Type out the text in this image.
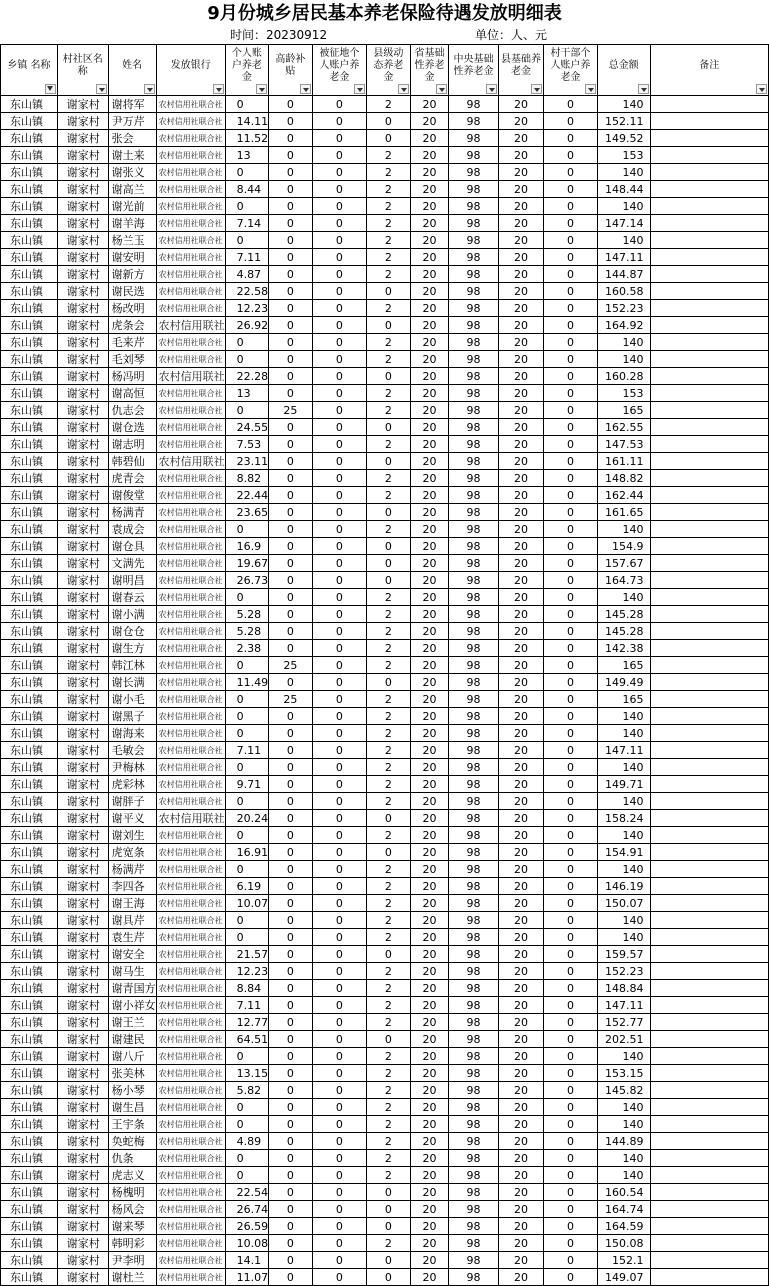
9月份城乡居民基本养老保险待遇发放明细表
时间：20230912	单位：人、元
乡镇 名称	村社区名称	姓名	发放银行	个人账户养老金	高龄补贴	被征地个人账户养老金	县级动态养老金	省基础性养老金	中央基础性养老金	县基础养老金	村干部个人账户养老金	总金额	备注

东山镇	谢家村	谢将军	农村信用社联合社	0	0	0	2	20	98	20	0	140	
东山镇	谢家村	尹万芹	农村信用社联合社	14.11	0	0	0	20	98	20	0	152.11	
东山镇	谢家村	张会	农村信用社联合社	11.52	0	0	0	20	98	20	0	149.52	
东山镇	谢家村	谢土来	农村信用社联合社	13	0	0	2	20	98	20	0	153	
东山镇	谢家村	谢张义	农村信用社联合社	0	0	0	2	20	98	20	0	140	
东山镇	谢家村	谢高兰	农村信用社联合社	8.44	0	0	2	20	98	20	0	148.44	
东山镇	谢家村	谢光前	农村信用社联合社	0	0	0	2	20	98	20	0	140	
东山镇	谢家村	谢羊海	农村信用社联合社	7.14	0	0	2	20	98	20	0	147.14	
东山镇	谢家村	杨兰玉	农村信用社联合社	0	0	0	2	20	98	20	0	140	
东山镇	谢家村	谢安明	农村信用社联合社	7.11	0	0	2	20	98	20	0	147.11	
东山镇	谢家村	谢新方	农村信用社联合社	4.87	0	0	2	20	98	20	0	144.87	
东山镇	谢家村	谢民选	农村信用社联合社	22.58	0	0	0	20	98	20	0	160.58	
东山镇	谢家村	杨改明	农村信用社联合社	12.23	0	0	2	20	98	20	0	152.23	
东山镇	谢家村	虎条会	农村信用联社	26.92	0	0	0	20	98	20	0	164.92	
东山镇	谢家村	毛来芹	农村信用社联合社	0	0	0	2	20	98	20	0	140	
东山镇	谢家村	毛刘琴	农村信用社联合社	0	0	0	2	20	98	20	0	140	
东山镇	谢家村	杨冯明	农村信用联社	22.28	0	0	0	20	98	20	0	160.28	
东山镇	谢家村	谢高恒	农村信用社联合社	13	0	0	2	20	98	20	0	153	
东山镇	谢家村	仇志会	农村信用社联合社	0	25	0	2	20	98	20	0	165	
东山镇	谢家村	谢仓选	农村信用社联合社	24.55	0	0	0	20	98	20	0	162.55	
东山镇	谢家村	谢志明	农村信用社联合社	7.53	0	0	2	20	98	20	0	147.53	
东山镇	谢家村	韩碧仙	农村信用联社	23.11	0	0	0	20	98	20	0	161.11	
东山镇	谢家村	虎青会	农村信用社联合社	8.82	0	0	2	20	98	20	0	148.82	
东山镇	谢家村	谢俊堂	农村信用社联合社	22.44	0	0	2	20	98	20	0	162.44	
东山镇	谢家村	杨满青	农村信用社联合社	23.65	0	0	0	20	98	20	0	161.65	
东山镇	谢家村	袁成会	农村信用社联合社	0	0	0	2	20	98	20	0	140	
东山镇	谢家村	谢仓具	农村信用社联合社	16.9	0	0	0	20	98	20	0	154.9	
东山镇	谢家村	文满先	农村信用社联合社	19.67	0	0	0	20	98	20	0	157.67	
东山镇	谢家村	谢明昌	农村信用社联合社	26.73	0	0	0	20	98	20	0	164.73	
东山镇	谢家村	谢春云	农村信用社联合社	0	0	0	2	20	98	20	0	140	
东山镇	谢家村	谢小满	农村信用社联合社	5.28	0	0	2	20	98	20	0	145.28	
东山镇	谢家村	谢仓仓	农村信用社联合社	5.28	0	0	2	20	98	20	0	145.28	
东山镇	谢家村	谢生方	农村信用社联合社	2.38	0	0	2	20	98	20	0	142.38	
东山镇	谢家村	韩江林	农村信用社联合社	0	25	0	2	20	98	20	0	165	
东山镇	谢家村	谢长满	农村信用社联合社	11.49	0	0	0	20	98	20	0	149.49	
东山镇	谢家村	谢小毛	农村信用社联合社	0	25	0	2	20	98	20	0	165	
东山镇	谢家村	谢黑子	农村信用社联合社	0	0	0	2	20	98	20	0	140	
东山镇	谢家村	谢海来	农村信用社联合社	0	0	0	2	20	98	20	0	140	
东山镇	谢家村	毛敏会	农村信用社联合社	7.11	0	0	2	20	98	20	0	147.11	
东山镇	谢家村	尹梅林	农村信用社联合社	0	0	0	2	20	98	20	0	140	
东山镇	谢家村	虎彩林	农村信用社联合社	9.71	0	0	2	20	98	20	0	149.71	
东山镇	谢家村	谢胖子	农村信用社联合社	0	0	0	2	20	98	20	0	140	
东山镇	谢家村	谢平义	农村信用联社	20.24	0	0	0	20	98	20	0	158.24	
东山镇	谢家村	谢刘生	农村信用社联合社	0	0	0	2	20	98	20	0	140	
东山镇	谢家村	虎宽条	农村信用社联合社	16.91	0	0	0	20	98	20	0	154.91	
东山镇	谢家村	杨满芹	农村信用社联合社	0	0	0	2	20	98	20	0	140	
东山镇	谢家村	李四各	农村信用社联合社	6.19	0	0	2	20	98	20	0	146.19	
东山镇	谢家村	谢王海	农村信用社联合社	10.07	0	0	2	20	98	20	0	150.07	
东山镇	谢家村	谢具芹	农村信用社联合社	0	0	0	2	20	98	20	0	140	
东山镇	谢家村	袁生芹	农村信用社联合社	0	0	0	2	20	98	20	0	140	
东山镇	谢家村	谢安全	农村信用社联合社	21.57	0	0	0	20	98	20	0	159.57	
东山镇	谢家村	谢马生	农村信用社联合社	12.23	0	0	2	20	98	20	0	152.23	
东山镇	谢家村	谢青国方	农村信用社联合社	8.84	0	0	2	20	98	20	0	148.84	
东山镇	谢家村	谢小祥女	农村信用社联合社	7.11	0	0	2	20	98	20	0	147.11	
东山镇	谢家村	谢王兰	农村信用社联合社	12.77	0	0	2	20	98	20	0	152.77	
东山镇	谢家村	谢建民	农村信用社联合社	64.51	0	0	0	20	98	20	0	202.51	
东山镇	谢家村	谢八斤	农村信用社联合社	0	0	0	2	20	98	20	0	140	
东山镇	谢家村	张美林	农村信用社联合社	13.15	0	0	2	20	98	20	0	153.15	
东山镇	谢家村	杨小琴	农村信用社联合社	5.82	0	0	2	20	98	20	0	145.82	
东山镇	谢家村	谢生昌	农村信用社联合社	0	0	0	2	20	98	20	0	140	
东山镇	谢家村	王宇条	农村信用社联合社	0	0	0	2	20	98	20	0	140	
东山镇	谢家村	奂蛇梅	农村信用社联合社	4.89	0	0	2	20	98	20	0	144.89	
东山镇	谢家村	仇条	农村信用社联合社	0	0	0	2	20	98	20	0	140	
东山镇	谢家村	虎志义	农村信用社联合社	0	0	0	2	20	98	20	0	140	
东山镇	谢家村	杨槐明	农村信用社联合社	22.54	0	0	0	20	98	20	0	160.54	
东山镇	谢家村	杨风会	农村信用社联合社	26.74	0	0	0	20	98	20	0	164.74	
东山镇	谢家村	谢来琴	农村信用社联合社	26.59	0	0	0	20	98	20	0	164.59	
东山镇	谢家村	韩明彩	农村信用社联合社	10.08	0	0	2	20	98	20	0	150.08	
东山镇	谢家村	尹李明	农村信用社联合社	14.1	0	0	0	20	98	20	0	152.1	
东山镇	谢家村	谢杜兰	农村信用社联合社	11.07	0	0	0	20	98	20	0	149.07	
